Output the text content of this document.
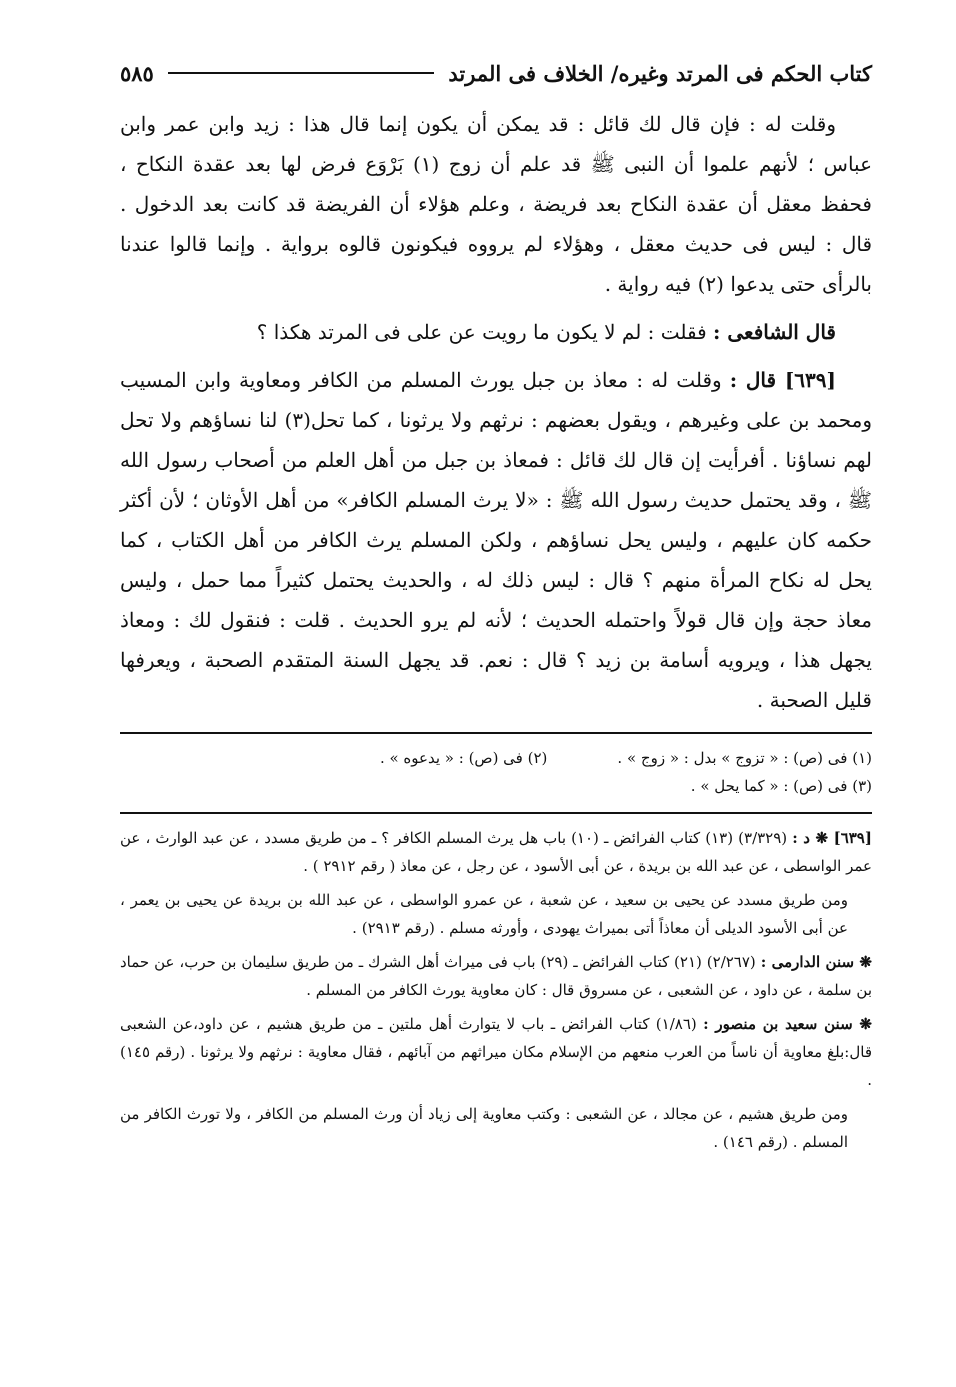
كتاب الحكم فى المرتد وغيره/ الخلاف فى المرتد
٥٨٥

وقلت له : فإن قال لك قائل : قد يمكن أن يكون إنما قال هذا : زيد وابن عمر وابن عباس ؛ لأنهم علموا أن النبى ﷺ قد علم أن زوج (١) بَرْوَع فرض لها بعد عقدة النكاح ، فحفظ معقل أن عقدة النكاح بعد فريضة ، وعلم هؤلاء أن الفريضة قد كانت بعد الدخول . قال : ليس فى حديث معقل ، وهؤلاء لم يرووه فيكونون قالوه برواية . وإنما قالوا عندنا بالرأى حتى يدعوا (٢) فيه رواية .

قال الشافعى : فقلت : لم لا يكون ما رويت عن على فى المرتد هكذا ؟

[٦٣٩] قال : وقلت له : معاذ بن جبل يورث المسلم من الكافر ومعاوية وابن المسيب ومحمد بن على وغيرهم ، ويقول بعضهم : نرثهم ولا يرثونا ، كما تحل(٣) لنا نساؤهم ولا تحل لهم نساؤنا . أفرأيت إن قال لك قائل : فمعاذ بن جبل من أهل العلم من أصحاب رسول الله ﷺ ، وقد يحتمل حديث رسول الله ﷺ : «لا يرث المسلم الكافر» من أهل الأوثان ؛ لأن أكثر حكمه كان عليهم ، وليس يحل نساؤهم ، ولكن المسلم يرث الكافر من أهل الكتاب ، كما يحل له نكاح المرأة منهم ؟ قال : ليس ذلك له ، والحديث يحتمل كثيراً مما حمل ، وليس معاذ حجة وإن قال قولاً واحتمله الحديث ؛ لأنه لم يرو الحديث . قلت : فنقول لك : ومعاذ يجهل هذا ، ويرويه أسامة بن زيد ؟ قال : نعم. قد يجهل السنة المتقدم الصحبة ، ويعرفها قليل الصحبة .

(١) فى (ص) : « تزوج » بدل : « زوج » .
(٢) فى (ص) : « يدعوه » .
(٣) فى (ص) : « كما يحل » .

[٦٣٩] ❋ د : (٣/٣٢٩) (١٣) كتاب الفرائض ـ (١٠) باب هل يرث المسلم الكافر ؟ ـ من طريق مسدد ، عن عبد الوارث ، عن عمر الواسطى ، عن عبد الله بن بريدة ، عن أبى الأسود ، عن رجل ، عن معاذ ( رقم ٢٩١٢ ) .

ومن طريق مسدد عن يحيى بن سعيد ، عن شعبة ، عن عمرو الواسطى ، عن عبد الله بن بريدة عن يحيى بن يعمر ، عن أبى الأسود الديلى أن معاذاً أتى بميراث يهودى ، وأورثه مسلم . (رقم ٢٩١٣) .

❋ سنن الدارمى : (٢/٢٦٧) (٢١) كتاب الفرائض ـ (٢٩) باب فى ميراث أهل الشرك ـ من طريق سليمان بن حرب، عن حماد بن سلمة ، عن داود ، عن الشعبى ، عن مسروق قال : كان معاوية يورث الكافر من المسلم .

❋ سنن سعيد بن منصور : (١/٨٦) كتاب الفرائض ـ باب لا يتوارث أهل ملتين ـ من طريق هشيم ، عن داود،عن الشعبى قال:بلغ معاوية أن ناساً من العرب منعهم من الإسلام مكان ميراثهم من آبائهم ، فقال معاوية : نرثهم ولا يرثونا . (رقم ١٤٥) .

ومن طريق هشيم ، عن مجالد ، عن الشعبى : وكتب معاوية إلى زياد أن ورث المسلم من الكافر ، ولا تورث الكافر من المسلم . (رقم ١٤٦) .
